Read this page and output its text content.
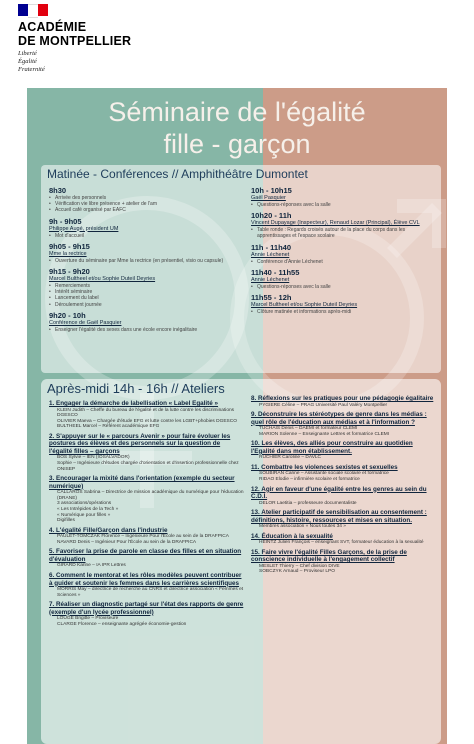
ACADÉMIE
DE MONTPELLIER
Liberté
Égalité
Fraternité
Séminaire de l'égalité
fille - garçon
Matinée - Conférences // Amphithéâtre Dumontet
8h30
• Arrivée des personnels
• Vérification vie libre présence + atelier de l'am
• Accueil café organisé par EAFC
9h - 9h05
Philippe Augé, président UM
• Mot d'accueil
9h05 - 9h15
Mme la rectrice
• Ouverture du séminaire par Mme la rectrice (en présentiel, visio ou capsule)
9h15 - 9h20
Marcel Bultheel et/ou Sophie Duteil Deyries
• Remerciements
• Intérêt séminaire
• Lancement du label
• Déroulement journée
9h20 - 10h
Conférence de Gaël Pasquier
• Enseigner l'égalité des sexes dans une école encore inégalitaire
10h - 10h15
Gaël Pasquier
• Questions-réponses avec la salle
10h20 - 11h
Vincent Dupayage (Inspecteur), Renaud Lozar (Principal), Élève CVL
• Table ronde : Regards croisés autour de la place du corps dans les apprentissages et l'espace scolaire
11h - 11h40
Annie Léchenet
• Conférence d'Annie Léchenet
11h40 - 11h55
Annie Léchenet
• Questions-réponses avec la salle
11h55 - 12h
Marcel Bultheel et/ou Sophie Duteil Deyries
• Clôture matinée et informations après-midi
Après-midi 14h - 16h // Ateliers
1. Engager la démarche de labellisation « Label Egalité »
KLEIN Judith – Cheffe du bureau de l'égalité et de la lutte contre les discriminations DGESCO
OLIVIER Maeva – Chargée d'étude EFG et lutte contre les LGBT+phobies DGESCO
BULTHEEL Marcel – Référent académique EFG
2. S'appuyer sur le « parcours Avenir » pour faire évoluer les postures des élèves et des personnels sur la question de l'égalité filles – garçons
BOS Sylvie – IEN (IOSALVADOR)
Sophie – Ingénieure d'études chargée d'orientation et d'insertion professionnelle chez ONISEP
3. Encourager la mixité dans l'orientation (exemple du secteur numérique)
CALLAROS Sabrina – Directrice de mission académique du numérique pour l'éducation (DRANE)
3 associations/opérations
« Les Intrépides de la Tech »
« Numérique pour filles »
Digifilles
4. L'égalité Fille/Garçon dans l'industrie
PAULET-TOMCZAK Florence – Ingénieure Pour l'École au sein de la DRAFPICA
NAVARD Denis – Ingénieur Pour l'École au sein de la DRAFPICA
5. Favoriser la prise de parole en classe des filles et en situation d'évaluation
GIRARD Karine – IA IPR Lettres
6. Comment le mentorat et les rôles modèles peuvent contribuer à guider et soutenir les femmes dans les carrières scientifiques
MORRIS May – directrice de recherche au CNRS et directrice association « Femmes et Sciences »
7. Réaliser un diagnostic partagé sur l'état des rapports de genre (exemple d'un lycée professionnel)
LOUGE Brigitte – Proviseure
CLARGE Florence – enseignante agrégée économie-gestion
8. Réflexions sur les pratiques pour une pédagogie égalitaire
PYGIERE Céline – PRAG Université Paul Valéry Montpellier
9. Déconstruire les stéréotypes de genre dans les médias : quel rôle de l'éducation aux médias et à l'information ?
TUCHAIS Denis – DAEMI et formateur CLEMI
MARION Solenne – Enseignante Lettres et formatrice CLEMI
10. Les élèves, des alliés pour construire au quotidien l'Egalité dans mon établissement.
RUCHIER Caroline – DAVLC
11. Combattre les violences sexistes et sexuelles
SOUBIRAN Carine – Assistante sociale scolaire et formatrice
RIDAO Elodie – infirmière scolaire et formatrice
12. Agir en faveur d'une égalité entre les genres au sein du C.D.I.
DELOR Laetitia – professeure documentaliste
13. Atelier participatif de sensibilisation au consentement : définitions, histoire, ressources et mises en situation.
Membres association « Nous toutes 34 »
14. Éducation à la sexualité
HEINTZ Julien François – enseignant SVT, formateur éducation à la sexualité
15. Faire vivre l'égalité Filles Garçons, de la prise de conscience individuelle à l'engagement collectif
MESLET Thierry – Chef division DIVE
SOBCZYK Arnaud – Proviseur LPO
